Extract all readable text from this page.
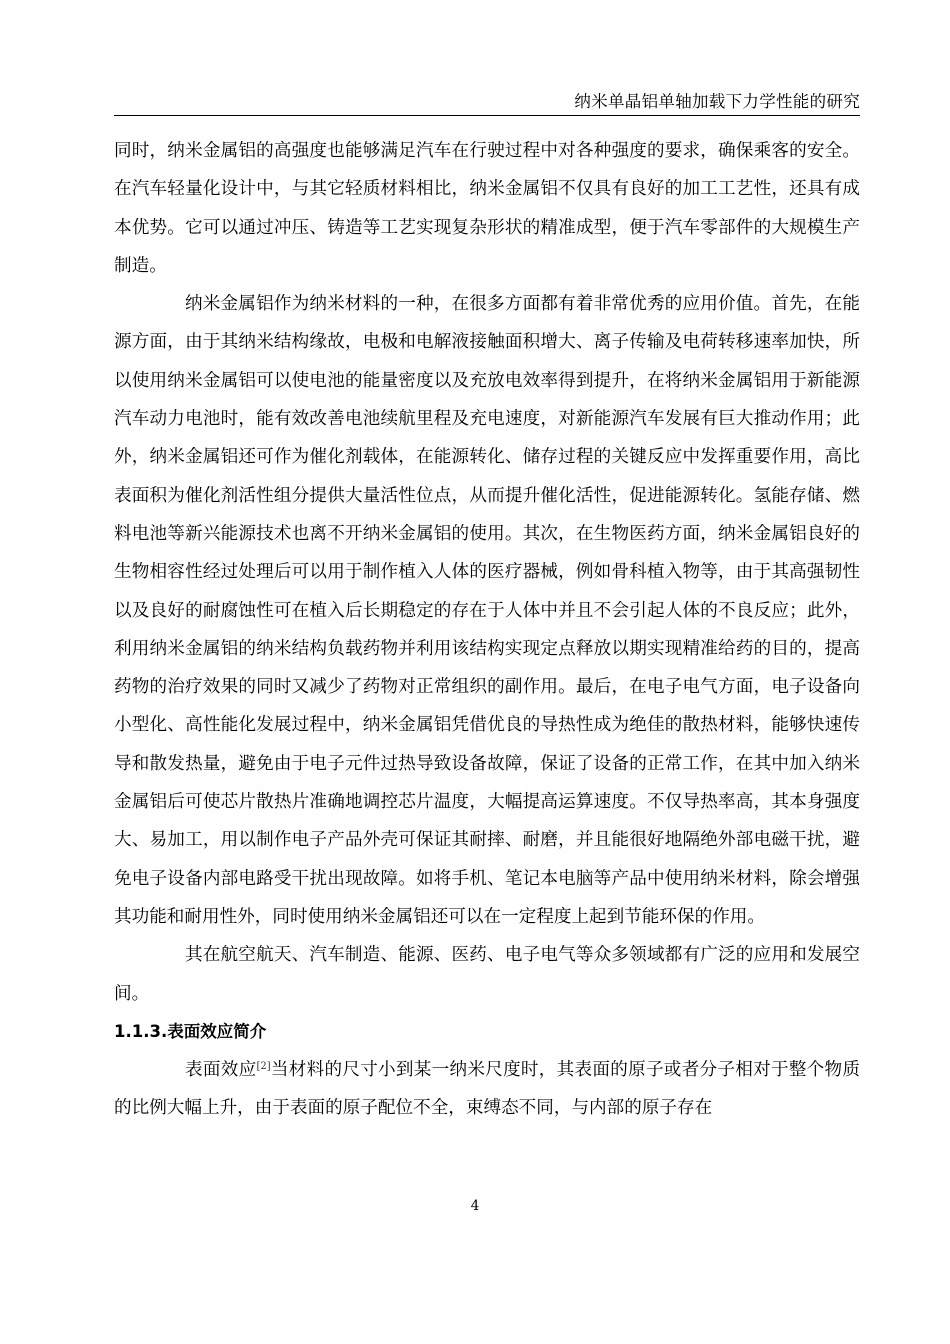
纳米单晶铝单轴加载下力学性能的研究

同时，纳米金属铝的高强度也能够满足汽车在行驶过程中对各种强度的要求，确保乘客的安全。在汽车轻量化设计中，与其它轻质材料相比，纳米金属铝不仅具有良好的加工工艺性，还具有成本优势。它可以通过冲压、铸造等工艺实现复杂形状的精准成型，便于汽车零部件的大规模生产制造。

纳米金属铝作为纳米材料的一种，在很多方面都有着非常优秀的应用价值。首先，在能源方面，由于其纳米结构缘故，电极和电解液接触面积增大、离子传输及电荷转移速率加快，所以使用纳米金属铝可以使电池的能量密度以及充放电效率得到提升，在将纳米金属铝用于新能源汽车动力电池时，能有效改善电池续航里程及充电速度，对新能源汽车发展有巨大推动作用；此外，纳米金属铝还可作为催化剂载体，在能源转化、储存过程的关键反应中发挥重要作用，高比表面积为催化剂活性组分提供大量活性位点，从而提升催化活性，促进能源转化。氢能存储、燃料电池等新兴能源技术也离不开纳米金属铝的使用。其次，在生物医药方面，纳米金属铝良好的生物相容性经过处理后可以用于制作植入人体的医疗器械，例如骨科植入物等，由于其高强韧性以及良好的耐腐蚀性可在植入后长期稳定的存在于人体中并且不会引起人体的不良反应；此外，利用纳米金属铝的纳米结构负载药物并利用该结构实现定点释放以期实现精准给药的目的，提高药物的治疗效果的同时又减少了药物对正常组织的副作用。最后，在电子电气方面，电子设备向小型化、高性能化发展过程中，纳米金属铝凭借优良的导热性成为绝佳的散热材料，能够快速传导和散发热量，避免由于电子元件过热导致设备故障，保证了设备的正常工作，在其中加入纳米金属铝后可使芯片散热片准确地调控芯片温度，大幅提高运算速度。不仅导热率高，其本身强度大、易加工，用以制作电子产品外壳可保证其耐摔、耐磨，并且能很好地隔绝外部电磁干扰，避免电子设备内部电路受干扰出现故障。如将手机、笔记本电脑等产品中使用纳米材料，除会增强其功能和耐用性外，同时使用纳米金属铝还可以在一定程度上起到节能环保的作用。

其在航空航天、汽车制造、能源、医药、电子电气等众多领域都有广泛的应用和发展空间。

1.1.3.表面效应简介

表面效应[2]当材料的尺寸小到某一纳米尺度时，其表面的原子或者分子相对于整个物质的比例大幅上升，由于表面的原子配位不全，束缚态不同，与内部的原子存在

4
